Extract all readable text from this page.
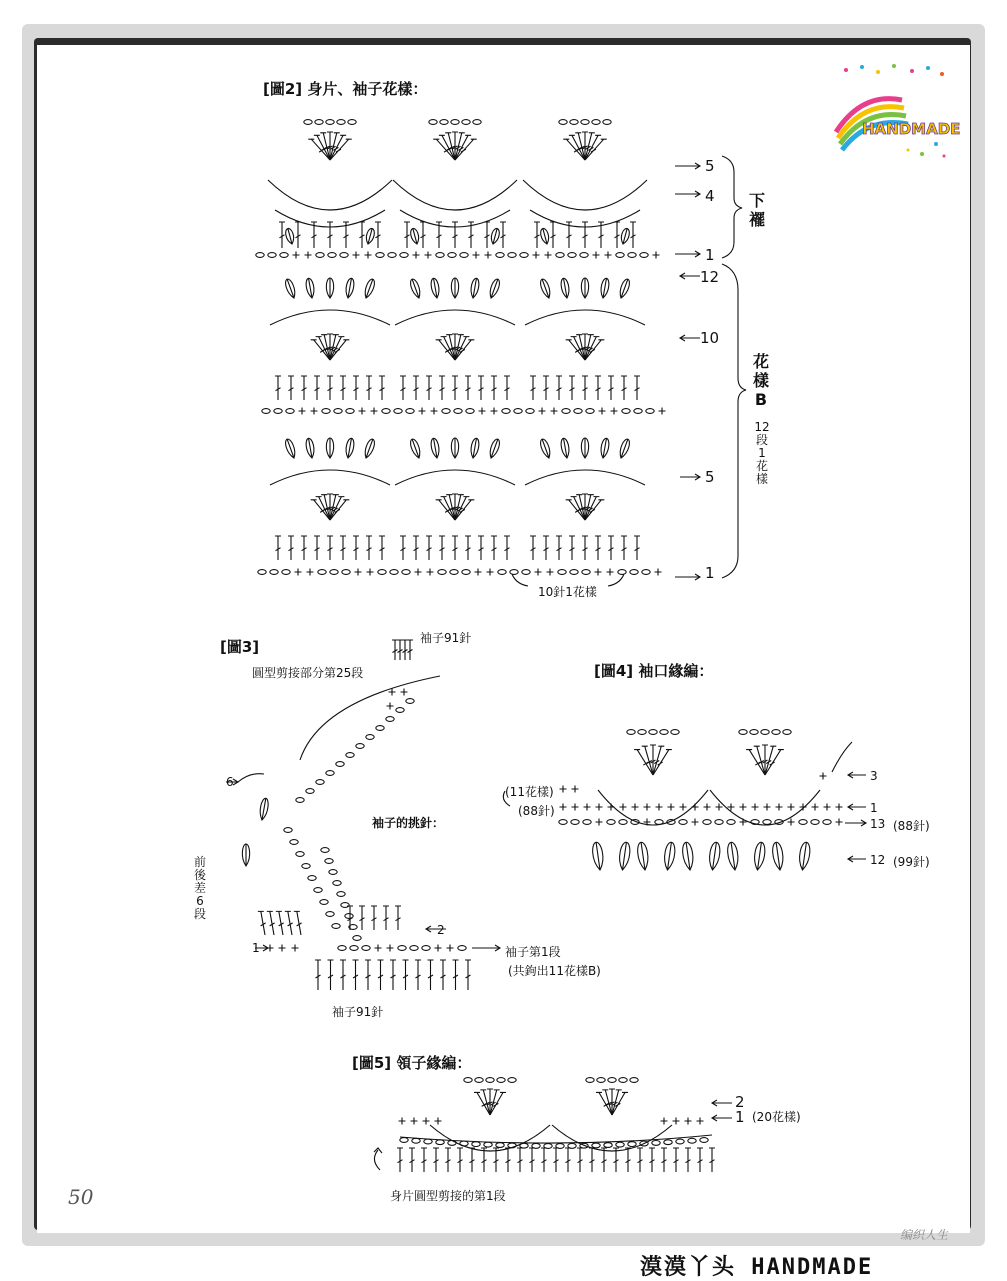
HANDMADE
[圖2] 身片、袖子花樣：
5
4
1
12
10
5
1
下
襬
花
樣
B
12
段
1
花
樣
10針1花樣
[圖3]	袖子91針
圓型剪接部分第25段
袖子的挑針：
6
2
1
前
後
差
6
段
袖子第1段
(共鉤出11花樣B)
袖子91針
[圖4] 袖口緣編：
(11花樣)
(88針)
3
1
13 (88針)
12 (99針)
[圖5] 領子緣編：
2
1 (20花樣)
身片圓型剪接的第1段
50
漠漠丫头 HANDMADE
编织人生
